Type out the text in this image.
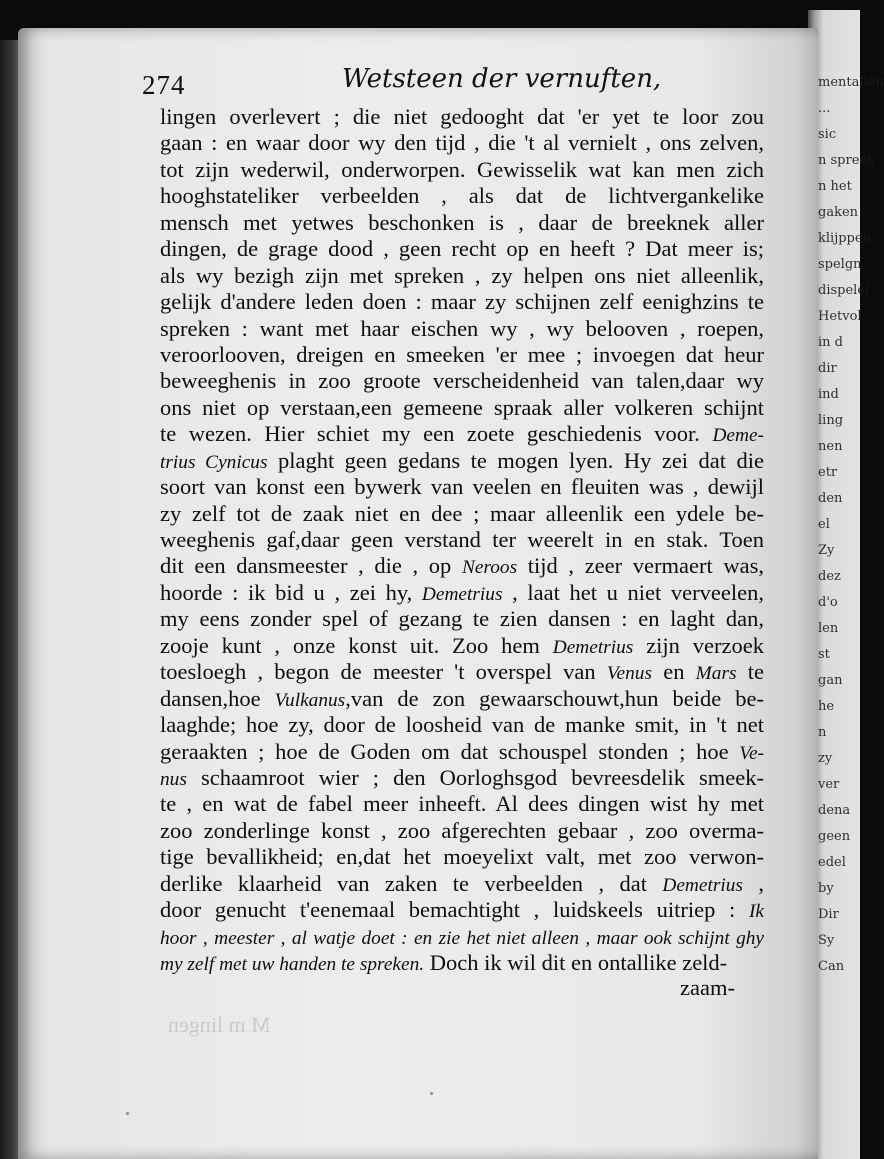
mentallen
...
sic
n spreek
n het
gaken
klijppen
spelgn
dispelel
Hetvol
in d
dir
ind
ling
nen
etr
den
el
Zy
dez
d'o
len
st
gan
he
n
zy
ver
dena
geen
edel
by
Dir
Sy
Can
274	Wetsteen der vernuften,
lingen overlevert ; die niet gedooght dat 'er yet te loor zou
gaan : en waar door wy den tijd , die 't al vernielt , ons zelven,
tot zijn wederwil, onderworpen. Gewisselik wat kan men zich
hooghstateliker verbeelden , als dat de lichtvergankelike
mensch met yetwes beschonken is , daar de breeknek aller
dingen, de grage dood , geen recht op en heeft ? Dat meer is;
als wy bezigh zijn met spreken , zy helpen ons niet alleenlik,
gelijk d'andere leden doen : maar zy schijnen zelf eenighzins te
spreken : want met haar eischen wy , wy belooven , roepen,
veroorlooven, dreigen en smeeken 'er mee ; invoegen dat heur
beweeghenis in zoo groote verscheidenheid van talen,daar wy
ons niet op verstaan,een gemeene spraak aller volkeren schijnt
te wezen. Hier schiet my een zoete geschiedenis voor. Deme-
trius Cynicus plaght geen gedans te mogen lyen. Hy zei dat die
soort van konst een bywerk van veelen en fleuiten was , dewijl
zy zelf tot de zaak niet en dee ; maar alleenlik een ydele be-
weeghenis gaf,daar geen verstand ter weerelt in en stak. Toen
dit een dansmeester , die , op Neroos tijd , zeer vermaert was,
hoorde : ik bid u , zei hy, Demetrius , laat het u niet verveelen,
my eens zonder spel of gezang te zien dansen : en laght dan,
zooje kunt , onze konst uit. Zoo hem Demetrius zijn verzoek
toesloegh , begon de meester 't overspel van Venus en Mars te
dansen,hoe Vulkanus,van de zon gewaarschouwt,hun beide be-
laaghde; hoe zy, door de loosheid van de manke smit, in 't net
geraakten ; hoe de Goden om dat schouspel stonden ; hoe Ve-
nus schaamroot wier ; den Oorloghsgod bevreesdelik smeek-
te , en wat de fabel meer inheeft. Al dees dingen wist hy met
zoo zonderlinge konst , zoo afgerechten gebaar , zoo overma-
tige bevallikheid; en,dat het moeyelixt valt, met zoo verwon-
derlike klaarheid van zaken te verbeelden , dat Demetrius ,
door genucht t'eenemaal bemachtight , luidskeels uitriep : Ik
hoor , meester , al watje doet : en zie het niet alleen , maar ook schijnt ghy
my zelf met uw handen te spreken. Doch ik wil dit en ontallike zeld-
zaam-
M m lingen
